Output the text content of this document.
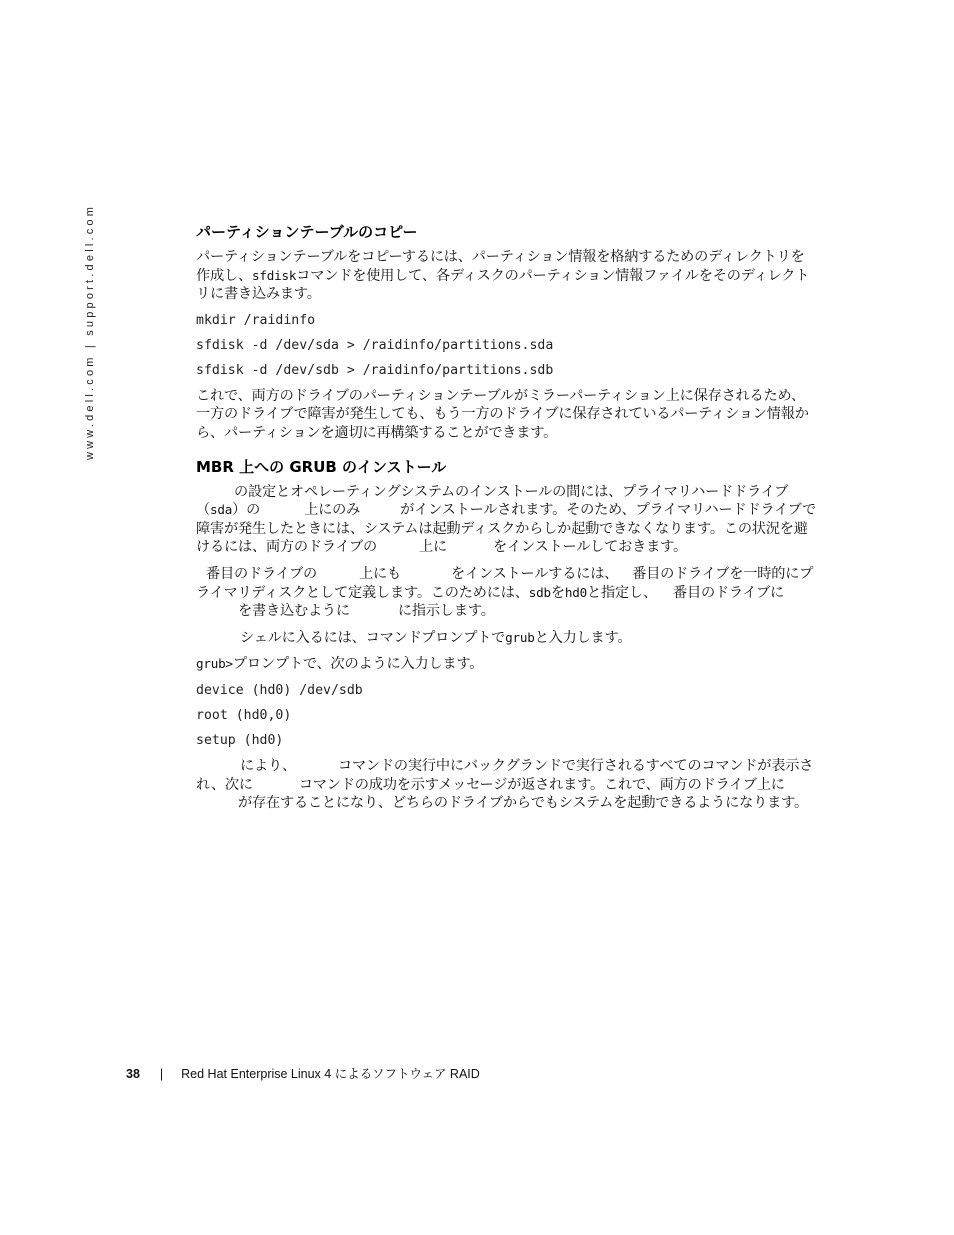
www.dell.com | support.dell.com	パーティションテーブルのコピー

パーティションテーブルをコピーするには、パーティション情報を格納するためのディレクトリを作成し、sfdiskコマンドを使用して、各ディスクのパーティション情報ファイルをそのディレクトリに書き込みます。

mkdir /raidinfo
sfdisk -d /dev/sda > /raidinfo/partitions.sda
sfdisk -d /dev/sdb > /raidinfo/partitions.sdb

これで、両方のドライブのパーティションテーブルがミラーパーティション上に保存されるため、一方のドライブで障害が発生しても、もう一方のドライブに保存されているパーティション情報から、パーティションを適切に再構築することができます。

MBR 上への GRUB のインストール

の設定とオペレーティングシステムのインストールの間には、プライマリハードドライブ（sda）の	上にのみ	がインストールされます。そのため、プライマリハードドライブで障害が発生したときには、システムは起動ディスクからしか起動できなくなります。この状況を避けるには、両方のドライブの	上に	をインストールしておきます。

番目のドライブの	上にも	をインストールするには、 番目のドライブを一時的にプライマリディスクとして定義します。このためには、sdbをhd0と指定し、 番目のドライブにを書き込むように	に指示します。

シェルに入るには、コマンドプロンプトでgrubと入力します。

grub>プロンプトで、次のように入力します。

device (hd0) /dev/sdb
root (hd0,0)
setup (hd0)

により、	コマンドの実行中にバックグランドで実行されるすべてのコマンドが表示され、次に	コマンドの成功を示すメッセージが返されます。これで、両方のドライブ上にが存在することになり、どちらのドライブからでもシステムを起動できるようになります。

38 | Red Hat Enterprise Linux 4 によるソフトウェア RAID
